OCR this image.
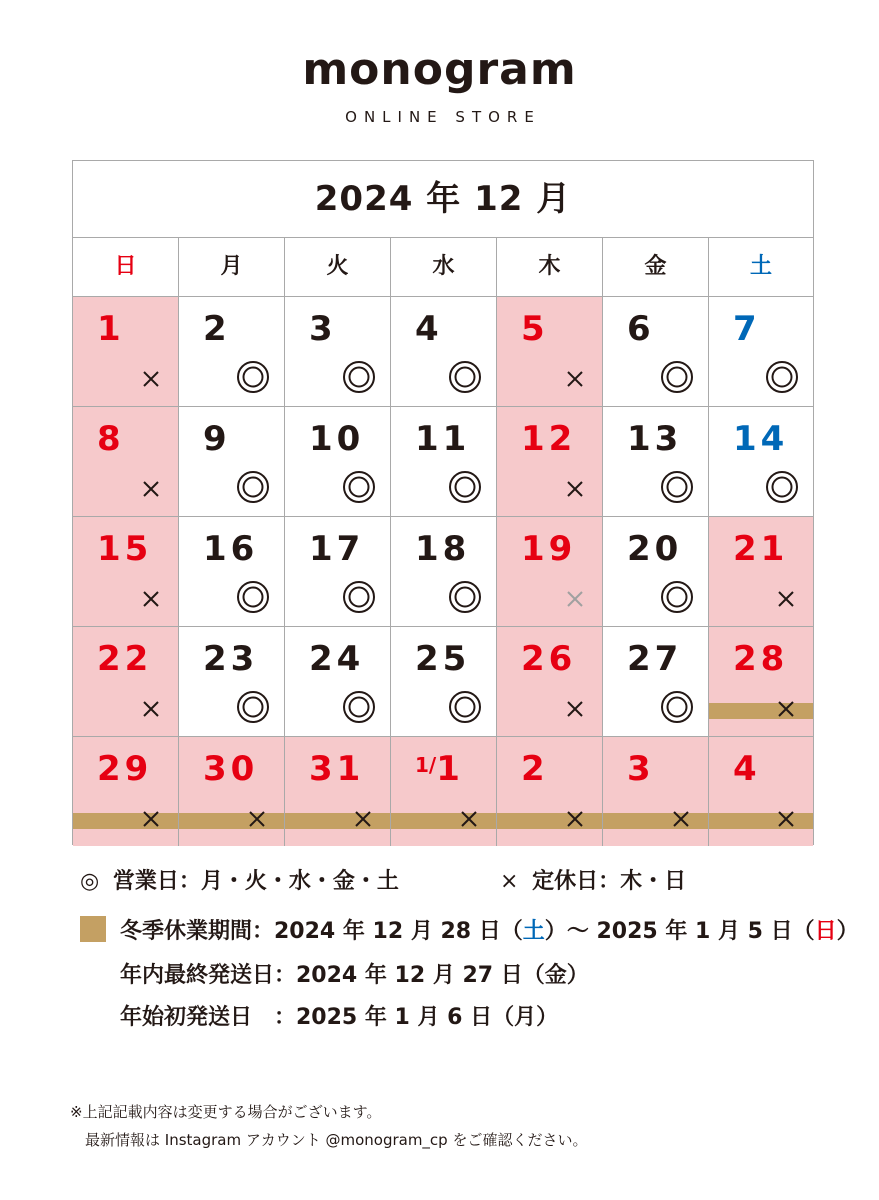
monogram
ONLINE STORE
2024 年 12 月
日	月	火	水	木	金	土
1 2 3 4 5 6 7
8 9 10 11 12 13 14
15 16 17 18 19 20 21
22 23 24 25 26 27 28
29 30 31	$^{1/}$1 2 3 4
◎ 営業日：月・火・水・金・土	× 定休日：木・日
冬季休業期間：2024 年 12 月 28 日（土）〜 2025 年 1 月 5 日（日）
年内最終発送日：2024 年 12 月 27 日（金）
年始初発送日　：2025 年 1 月 6 日（月）
※上記記載内容は変更する場合がございます。
　最新情報は Instagram アカウント @monogram_cp をご確認ください。
